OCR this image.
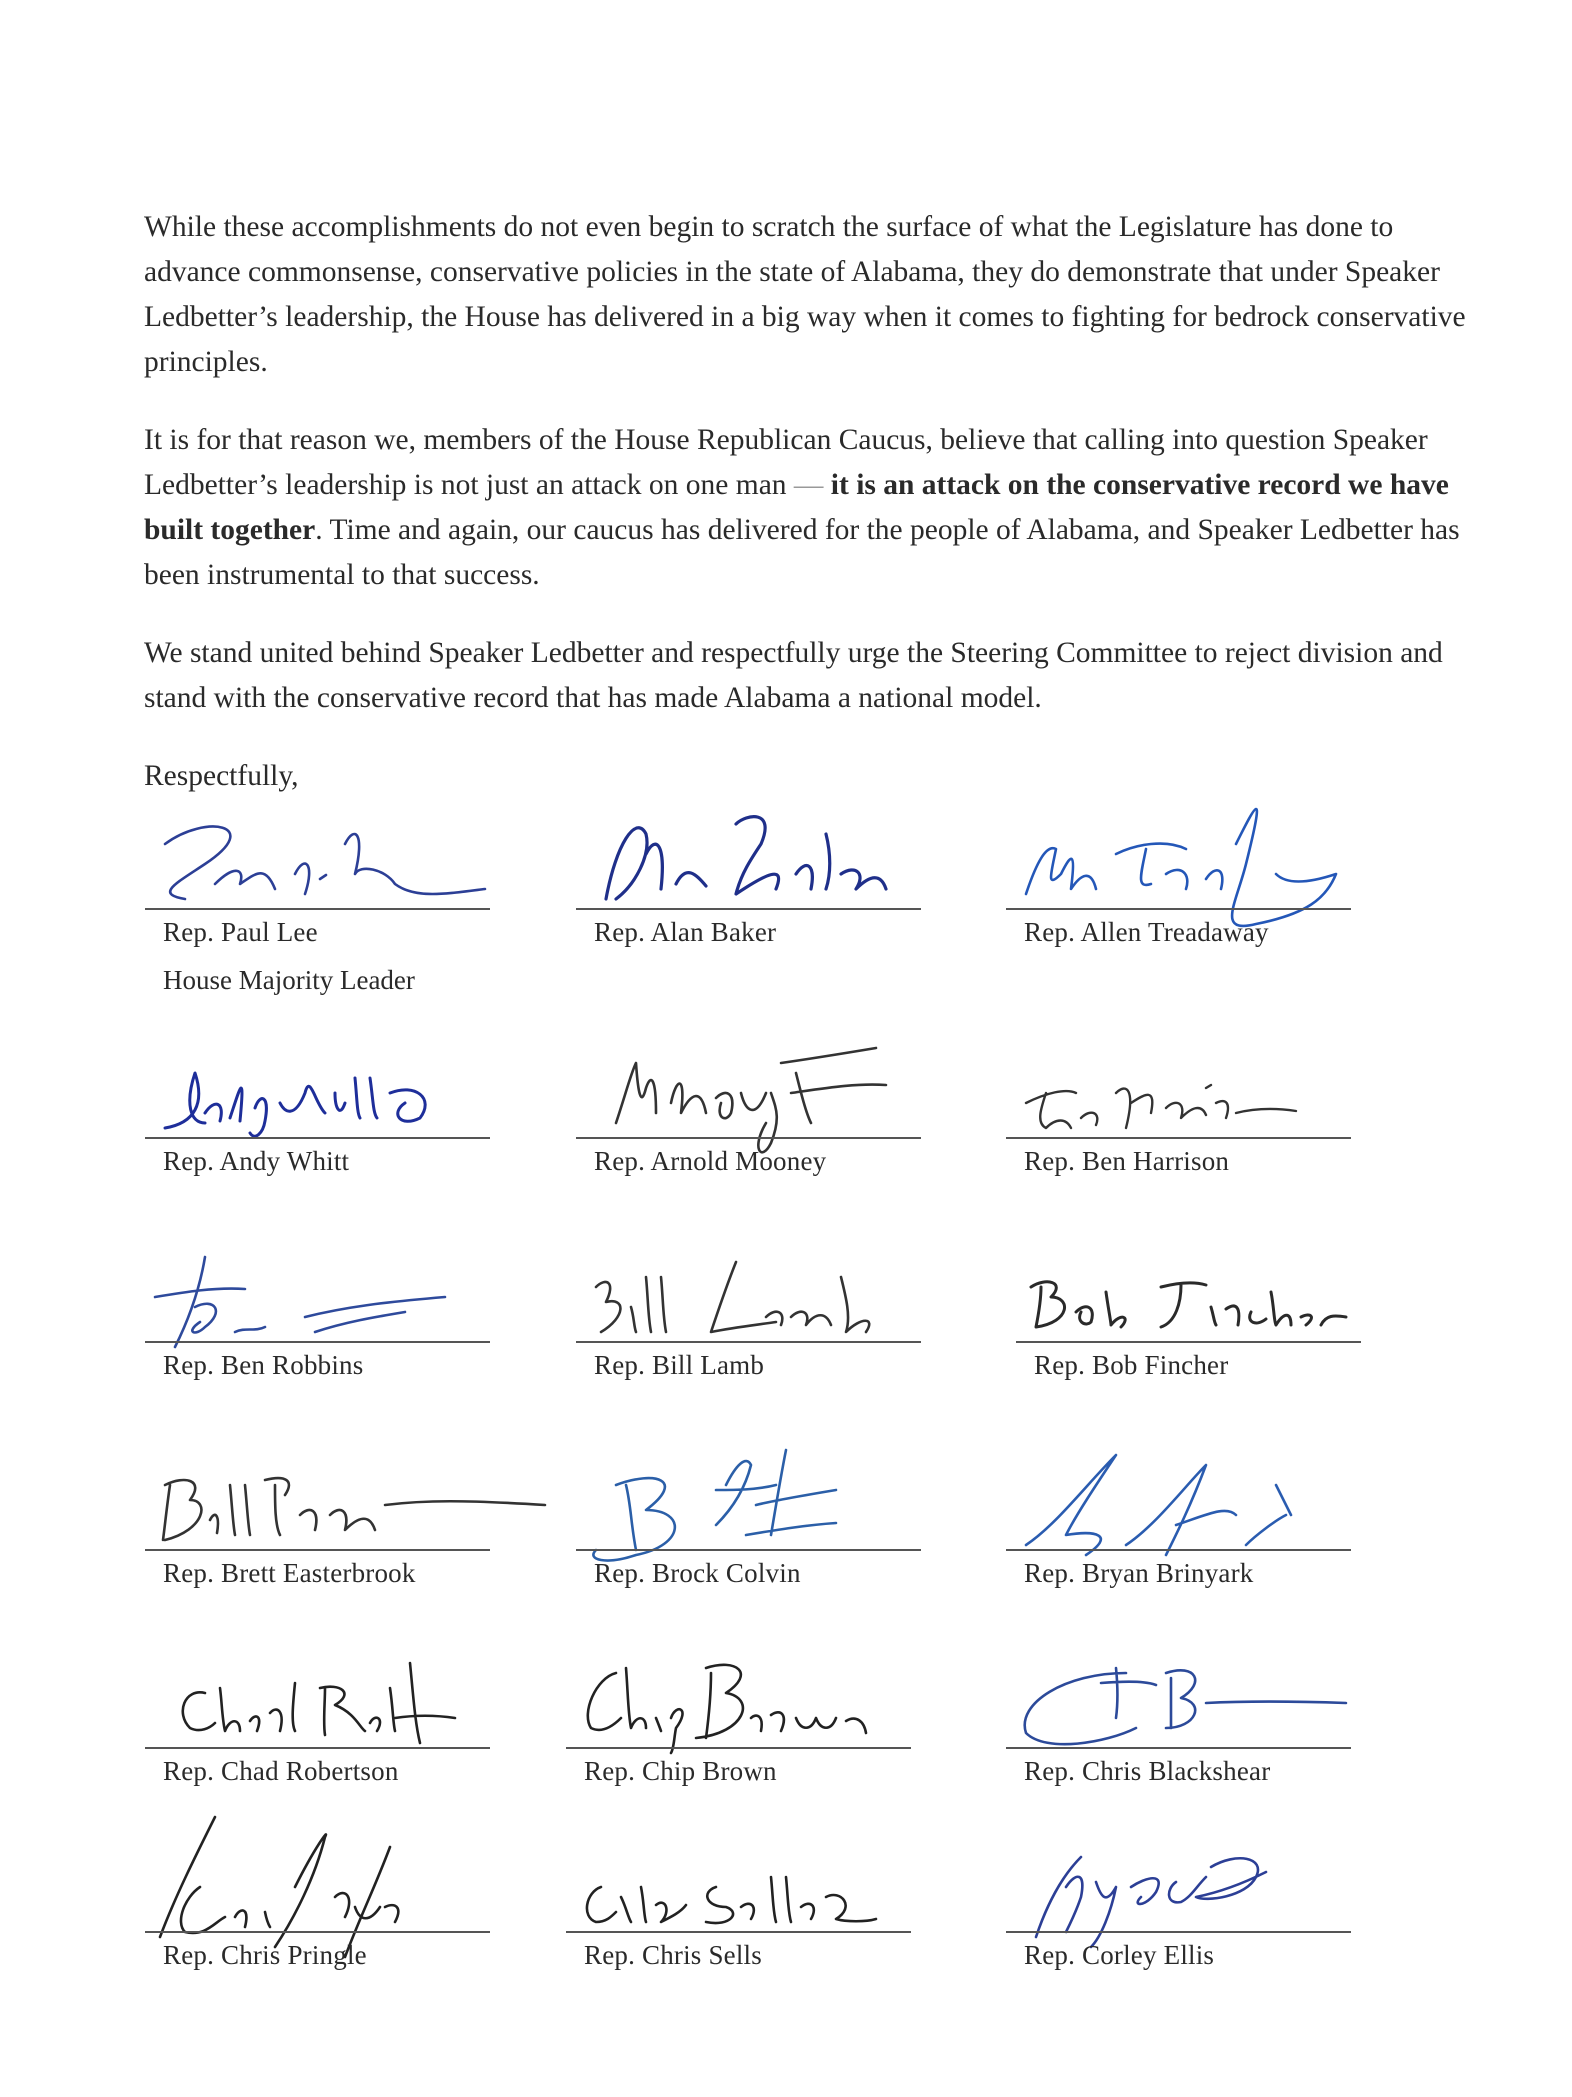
While these accomplishments do not even begin to scratch the surface of what the Legislature has done to advance commonsense, conservative policies in the state of Alabama, they do demonstrate that under Speaker Ledbetter’s leadership, the House has delivered in a big way when it comes to fighting for bedrock conservative principles.

It is for that reason we, members of the House Republican Caucus, believe that calling into question Speaker Ledbetter’s leadership is not just an attack on one man — it is an attack on the conservative record we have built together. Time and again, our caucus has delivered for the people of Alabama, and Speaker Ledbetter has been instrumental to that success.

We stand united behind Speaker Ledbetter and respectfully urge the Steering Committee to reject division and stand with the conservative record that has made Alabama a national model.

Respectfully,

Rep. Paul Lee
House Majority Leader
Rep. Alan Baker	Rep. Allen Treadaway
Rep. Andy Whitt	Rep. Arnold Mooney	Rep. Ben Harrison
Rep. Ben Robbins	Rep. Bill Lamb	Rep. Bob Fincher
Rep. Brett Easterbrook	Rep. Brock Colvin	Rep. Bryan Brinyark
Rep. Chad Robertson	Rep. Chip Brown	Rep. Chris Blackshear
Rep. Chris Pringle	Rep. Chris Sells	Rep. Corley Ellis
